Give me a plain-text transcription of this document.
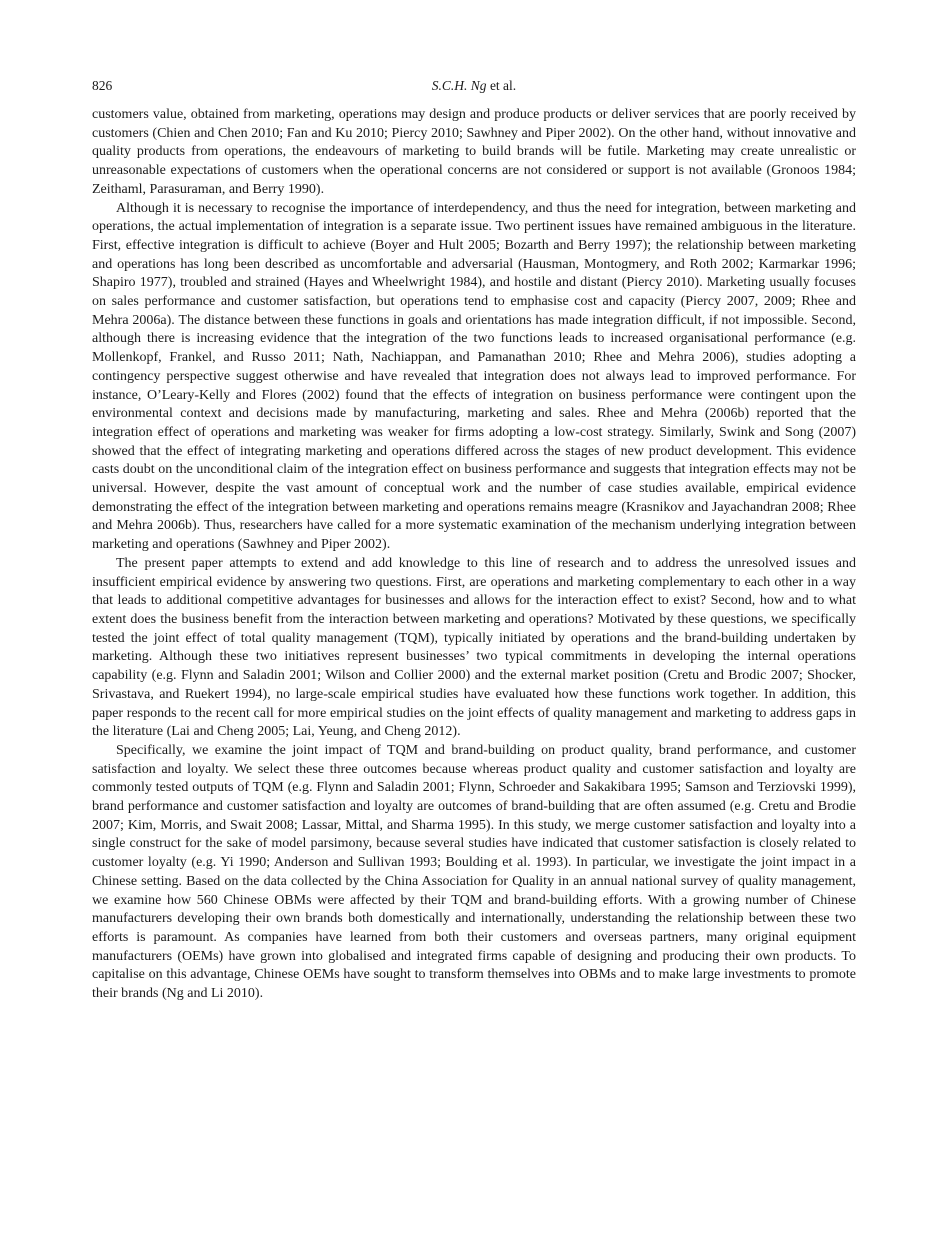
826	S.C.H. Ng et al.

customers value, obtained from marketing, operations may design and produce products or deliver services that are poorly received by customers (Chien and Chen 2010; Fan and Ku 2010; Piercy 2010; Sawhney and Piper 2002). On the other hand, without innovative and quality products from operations, the endeavours of marketing to build brands will be futile. Marketing may create unrealistic or unreasonable expectations of customers when the operational concerns are not considered or support is not available (Gronoos 1984; Zeithaml, Parasuraman, and Berry 1990).

Although it is necessary to recognise the importance of interdependency, and thus the need for integration, between marketing and operations, the actual implementation of integration is a separate issue. Two pertinent issues have remained ambiguous in the literature. First, effective integration is difficult to achieve (Boyer and Hult 2005; Bozarth and Berry 1997); the relationship between marketing and operations has long been described as uncomfortable and adversarial (Hausman, Montogmery, and Roth 2002; Karmarkar 1996; Shapiro 1977), troubled and strained (Hayes and Wheelwright 1984), and hostile and distant (Piercy 2010). Marketing usually focuses on sales performance and customer satisfaction, but operations tend to emphasise cost and capacity (Piercy 2007, 2009; Rhee and Mehra 2006a). The distance between these functions in goals and orientations has made integration difficult, if not impossible. Second, although there is increasing evidence that the integration of the two functions leads to increased organisational performance (e.g. Mollenkopf, Frankel, and Russo 2011; Nath, Nachiappan, and Pamanathan 2010; Rhee and Mehra 2006), studies adopting a contingency perspective suggest otherwise and have revealed that integration does not always lead to improved performance. For instance, O’Leary-Kelly and Flores (2002) found that the effects of integration on business performance were contingent upon the environmental context and decisions made by manufacturing, marketing and sales. Rhee and Mehra (2006b) reported that the integration effect of operations and marketing was weaker for firms adopting a low-cost strategy. Similarly, Swink and Song (2007) showed that the effect of integrating marketing and operations differed across the stages of new product development. This evidence casts doubt on the unconditional claim of the integration effect on business performance and suggests that integration effects may not be universal. However, despite the vast amount of conceptual work and the number of case studies available, empirical evidence demonstrating the effect of the integration between marketing and operations remains meagre (Krasnikov and Jayachandran 2008; Rhee and Mehra 2006b). Thus, researchers have called for a more systematic examination of the mechanism underlying integration between marketing and operations (Sawhney and Piper 2002).

The present paper attempts to extend and add knowledge to this line of research and to address the unresolved issues and insufficient empirical evidence by answering two questions. First, are operations and marketing complementary to each other in a way that leads to additional competitive advantages for businesses and allows for the interaction effect to exist? Second, how and to what extent does the business benefit from the interaction between marketing and operations? Motivated by these questions, we specifically tested the joint effect of total quality management (TQM), typically initiated by operations and the brand-building undertaken by marketing. Although these two initiatives represent businesses’ two typical commitments in developing the internal operations capability (e.g. Flynn and Saladin 2001; Wilson and Collier 2000) and the external market position (Cretu and Brodic 2007; Shocker, Srivastava, and Ruekert 1994), no large-scale empirical studies have evaluated how these functions work together. In addition, this paper responds to the recent call for more empirical studies on the joint effects of quality management and marketing to address gaps in the literature (Lai and Cheng 2005; Lai, Yeung, and Cheng 2012).

Specifically, we examine the joint impact of TQM and brand-building on product quality, brand performance, and customer satisfaction and loyalty. We select these three outcomes because whereas product quality and customer satisfaction and loyalty are commonly tested outputs of TQM (e.g. Flynn and Saladin 2001; Flynn, Schroeder and Sakakibara 1995; Samson and Terziovski 1999), brand performance and customer satisfaction and loyalty are outcomes of brand-building that are often assumed (e.g. Cretu and Brodie 2007; Kim, Morris, and Swait 2008; Lassar, Mittal, and Sharma 1995). In this study, we merge customer satisfaction and loyalty into a single construct for the sake of model parsimony, because several studies have indicated that customer satisfaction is closely related to customer loyalty (e.g. Yi 1990; Anderson and Sullivan 1993; Boulding et al. 1993). In particular, we investigate the joint impact in a Chinese setting. Based on the data collected by the China Association for Quality in an annual national survey of quality management, we examine how 560 Chinese OBMs were affected by their TQM and brand-building efforts. With a growing number of Chinese manufacturers developing their own brands both domestically and internationally, understanding the relationship between these two efforts is paramount. As companies have learned from both their customers and overseas partners, many original equipment manufacturers (OEMs) have grown into globalised and integrated firms capable of designing and producing their own products. To capitalise on this advantage, Chinese OEMs have sought to transform themselves into OBMs and to make large investments to promote their brands (Ng and Li 2010).
